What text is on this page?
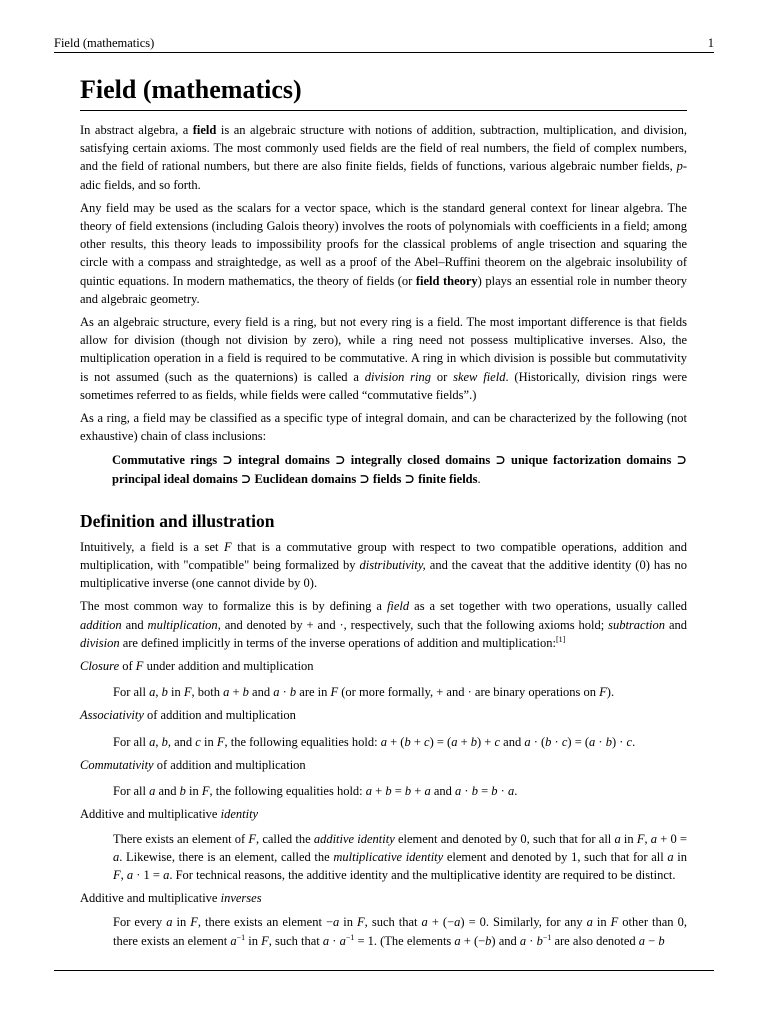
Field (mathematics)	1
Field (mathematics)

In abstract algebra, a field is an algebraic structure with notions of addition, subtraction, multiplication, and division, satisfying certain axioms. The most commonly used fields are the field of real numbers, the field of complex numbers, and the field of rational numbers, but there are also finite fields, fields of functions, various algebraic number fields, p-adic fields, and so forth.

Any field may be used as the scalars for a vector space, which is the standard general context for linear algebra. The theory of field extensions (including Galois theory) involves the roots of polynomials with coefficients in a field; among other results, this theory leads to impossibility proofs for the classical problems of angle trisection and squaring the circle with a compass and straightedge, as well as a proof of the Abel–Ruffini theorem on the algebraic insolubility of quintic equations. In modern mathematics, the theory of fields (or field theory) plays an essential role in number theory and algebraic geometry.

As an algebraic structure, every field is a ring, but not every ring is a field. The most important difference is that fields allow for division (though not division by zero), while a ring need not possess multiplicative inverses. Also, the multiplication operation in a field is required to be commutative. A ring in which division is possible but commutativity is not assumed (such as the quaternions) is called a division ring or skew field. (Historically, division rings were sometimes referred to as fields, while fields were called “commutative fields”.)

As a ring, a field may be classified as a specific type of integral domain, and can be characterized by the following (not exhaustive) chain of class inclusions:

Commutative rings ⊃ integral domains ⊃ integrally closed domains ⊃ unique factorization domains ⊃ principal ideal domains ⊃ Euclidean domains ⊃ fields ⊃ finite fields.

Definition and illustration

Intuitively, a field is a set F that is a commutative group with respect to two compatible operations, addition and multiplication, with "compatible" being formalized by distributivity, and the caveat that the additive identity (0) has no multiplicative inverse (one cannot divide by 0).

The most common way to formalize this is by defining a field as a set together with two operations, usually called addition and multiplication, and denoted by + and ·, respectively, such that the following axioms hold; subtraction and division are defined implicitly in terms of the inverse operations of addition and multiplication:[1]

Closure of F under addition and multiplication

For all a, b in F, both a + b and a · b are in F (or more formally, + and · are binary operations on F).

Associativity of addition and multiplication

For all a, b, and c in F, the following equalities hold: a + (b + c) = (a + b) + c and a · (b · c) = (a · b) · c.

Commutativity of addition and multiplication

For all a and b in F, the following equalities hold: a + b = b + a and a · b = b · a.

Additive and multiplicative identity

There exists an element of F, called the additive identity element and denoted by 0, such that for all a in F, a + 0 = a. Likewise, there is an element, called the multiplicative identity element and denoted by 1, such that for all a in F, a · 1 = a. For technical reasons, the additive identity and the multiplicative identity are required to be distinct.

Additive and multiplicative inverses

For every a in F, there exists an element −a in F, such that a + (−a) = 0. Similarly, for any a in F other than 0, there exists an element $a^{-1}$ in F, such that $a \cdot a^{-1} = 1$. (The elements a + (−b) and $a \cdot b^{-1}$ are also denoted a − b
